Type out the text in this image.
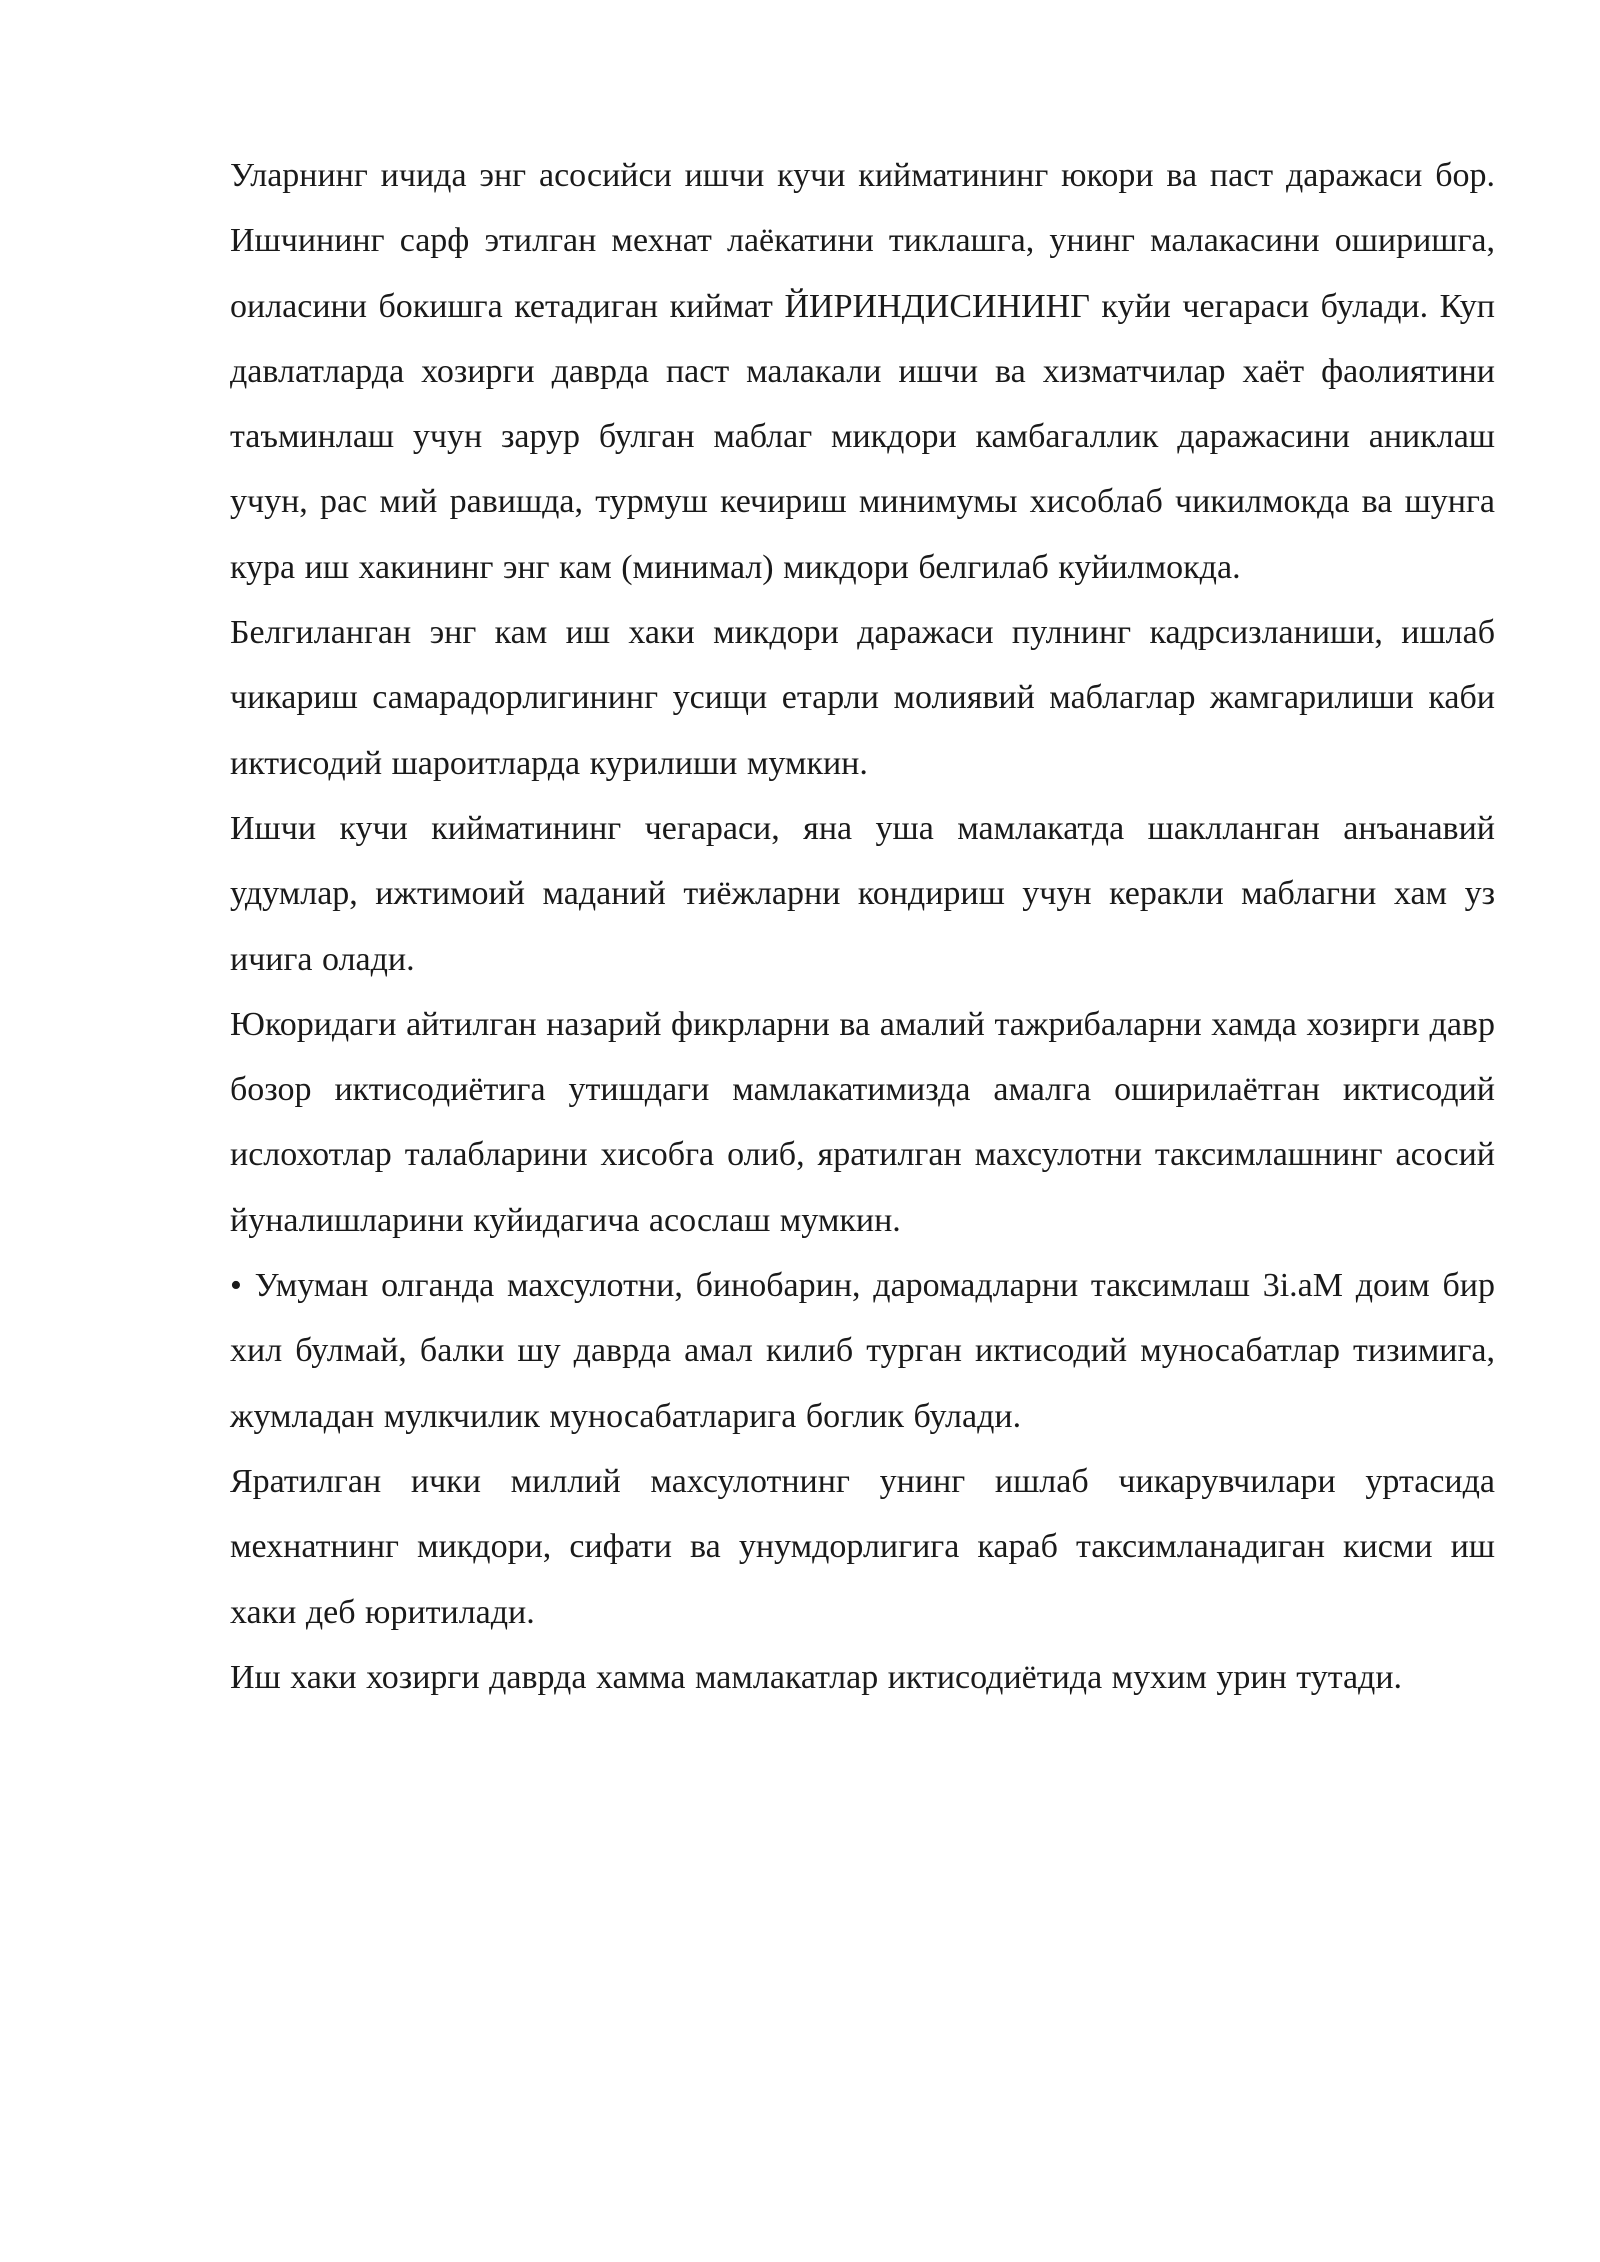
Уларнинг ичида энг асосийси ишчи кучи кийматининг юкори ва паст даражаси бор. Ишчининг сарф этилган мехнат лаёкатини тиклашга, унинг малакасини оширишга, оиласини бокишга кетадиган киймат ЙИРИНДИСИНИНГ куйи чегараси булади. Куп давлатларда хозирги даврда паст малакали ишчи ва хизматчилар хаёт фаолиятини таъминлаш учун зарур булган маблаг микдори камбагаллик даражасини аниклаш учун, рас мий равишда, турмуш кечириш минимумы хисоблаб чикилмокда ва шунга кура иш хакининг энг кам (минимал) микдори белгилаб куйилмокда.

Белгиланган энг кам иш хаки микдори даражаси пулнинг кадрсизланиши, ишлаб чикариш самарадорлигининг усищи етарли молиявий маблаглар жамгарилиши каби иктисодий шароитларда курилиши мумкин.

Ишчи кучи кийматининг чегараси, яна уша мамлакатда шаклланган анъанавий удумлар, ижтимоий маданий тиёжларни кондириш учун керакли маблагни хам уз ичига олади.

Юкоридаги айтилган назарий фикрларни ва амалий тажрибаларни хамда хозирги давр бозор иктисодиётига утишдаги мамлакатимизда амалга оширилаётган иктисодий ислохотлар талабларини хисобга олиб, яратилган махсулотни таксимлашнинг асосий йуналишларини куйидагича асослаш мумкин.

• Умуман олганда махсулотни, бинобарин, даромадларни таксимлаш 3i.aM доим бир хил булмай, балки шу даврда амал килиб турган иктисодий муносабатлар тизимига, жумладан мулкчилик муносабатларига боглик булади.

Яратилган ички миллий махсулотнинг унинг ишлаб чикарувчилари уртасида мехнатнинг микдори, сифати ва унумдорлигига караб таксимланадиган кисми иш хаки деб юритилади.

Иш хаки хозирги даврда хамма мамлакатлар иктисодиётида мухим урин тутади.
